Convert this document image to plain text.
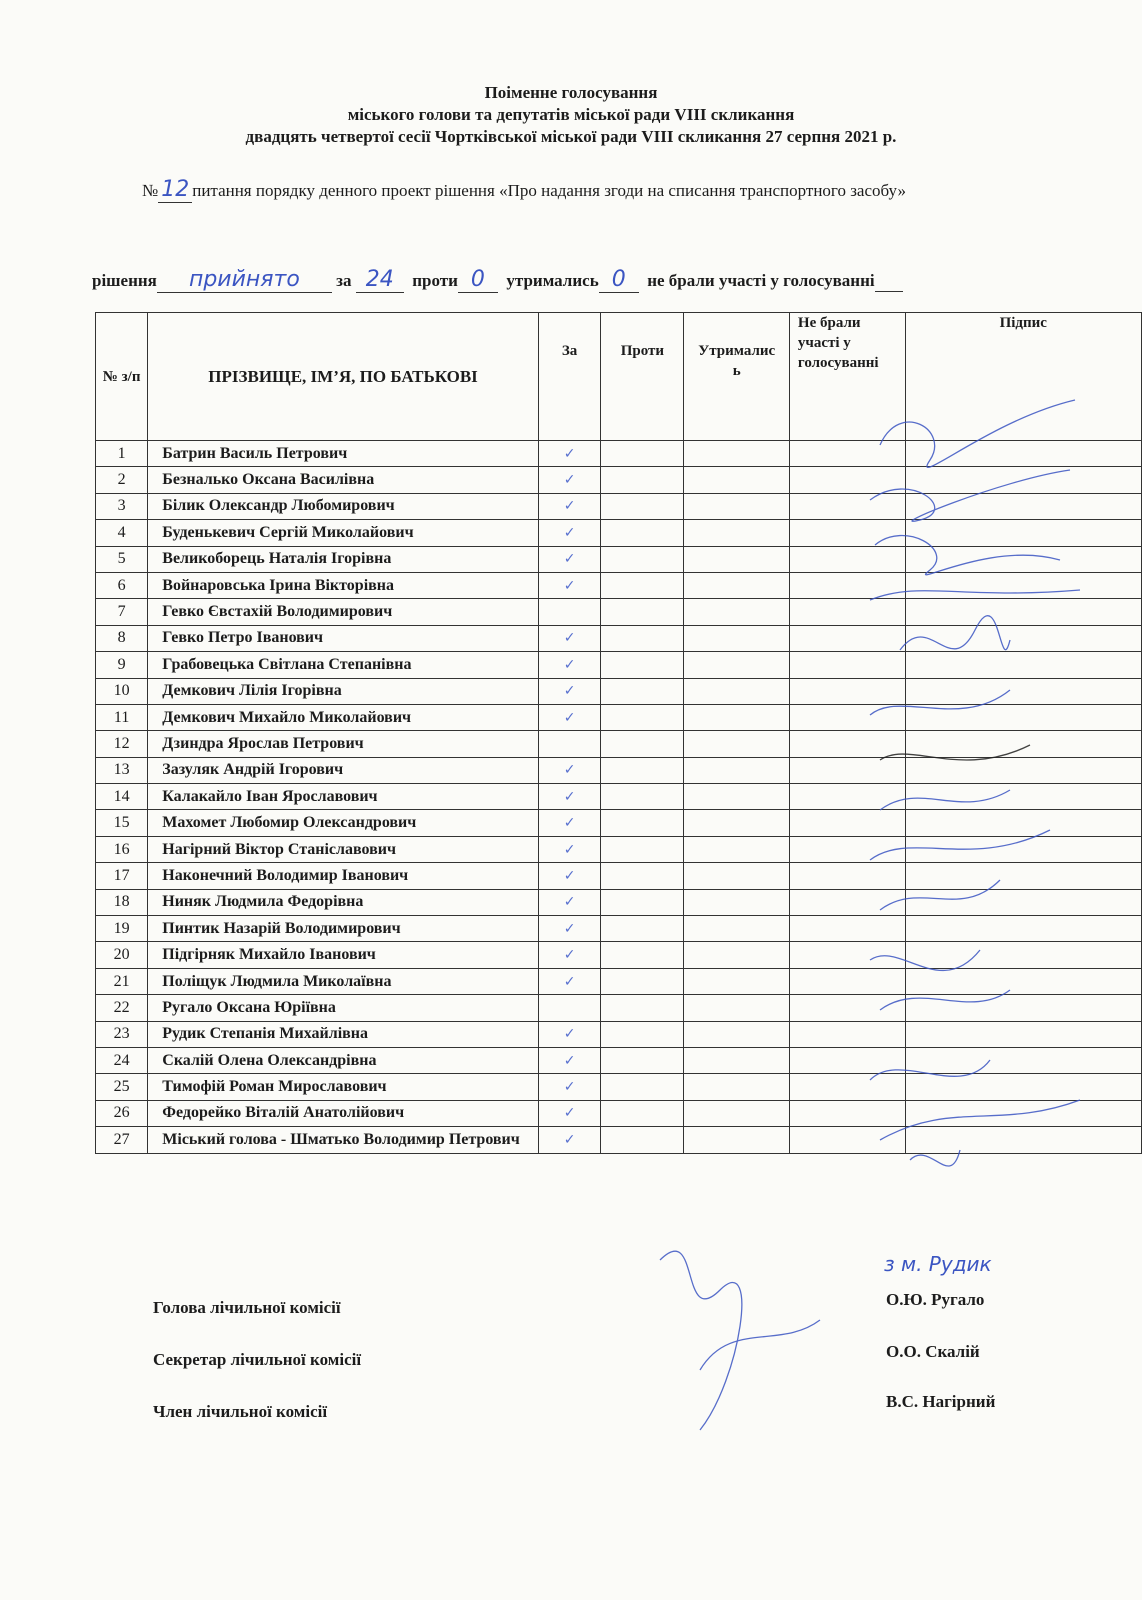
Поіменне голосування
міського голови та депутатів міської ради VIII скликання
двадцять четвертої сесії Чортківської міської ради VIII скликання 27 серпня 2021 р.
№ 12 питання порядку денного проект рішення «Про надання згоди на списання транспортного засобу»
рішення прийнято за 24 проти 0 утримались 0 не брали участі у голосуванні
№ з/п	ПРІЗВИЩЕ, ІМ’Я, ПО БАТЬКОВІ	За	Проти	Утрималис ь	Не брали участі у голосуванні	Підпис
1	Батрин Василь Петрович	✓				
2	Безналько Оксана Василівна	✓				
3	Білик Олександр Любомирович	✓				
4	Буденькевич Сергій Миколайович	✓				
5	Великоборець Наталія Ігорівна	✓				
6	Войнаровська Ірина Вікторівна	✓				
7	Гевко Євстахій Володимирович					
8	Гевко Петро Іванович	✓				
9	Грабовецька Світлана Степанівна	✓				
10	Демкович Лілія Ігорівна	✓				
11	Демкович Михайло Миколайович	✓				
12	Дзиндра Ярослав Петрович					
13	Зазуляк Андрій Ігорович	✓				
14	Калакайло Іван Ярославович	✓				
15	Махомет Любомир Олександрович	✓				
16	Нагірний Віктор Станіславович	✓				
17	Наконечний Володимир Іванович	✓				
18	Ниняк Людмила Федорівна	✓				
19	Пинтик Назарій Володимирович	✓				
20	Підгірняк Михайло Іванович	✓				
21	Поліщук Людмила Миколаївна	✓				
22	Ругало Оксана Юріївна					
23	Рудик Степанія Михайлівна	✓				
24	Скалій Олена Олександрівна	✓				
25	Тимофій Роман Мирославович	✓				
26	Федорейко Віталій Анатолійович	✓				
27	Міський голова - Шматько Володимир Петрович	✓				
Голова лічильної комісії	О.Ю. Ругало
Секретар лічильної комісії	О.О. Скалій
Член лічильної комісії
В.С. Нагірний
з м. Рудик
